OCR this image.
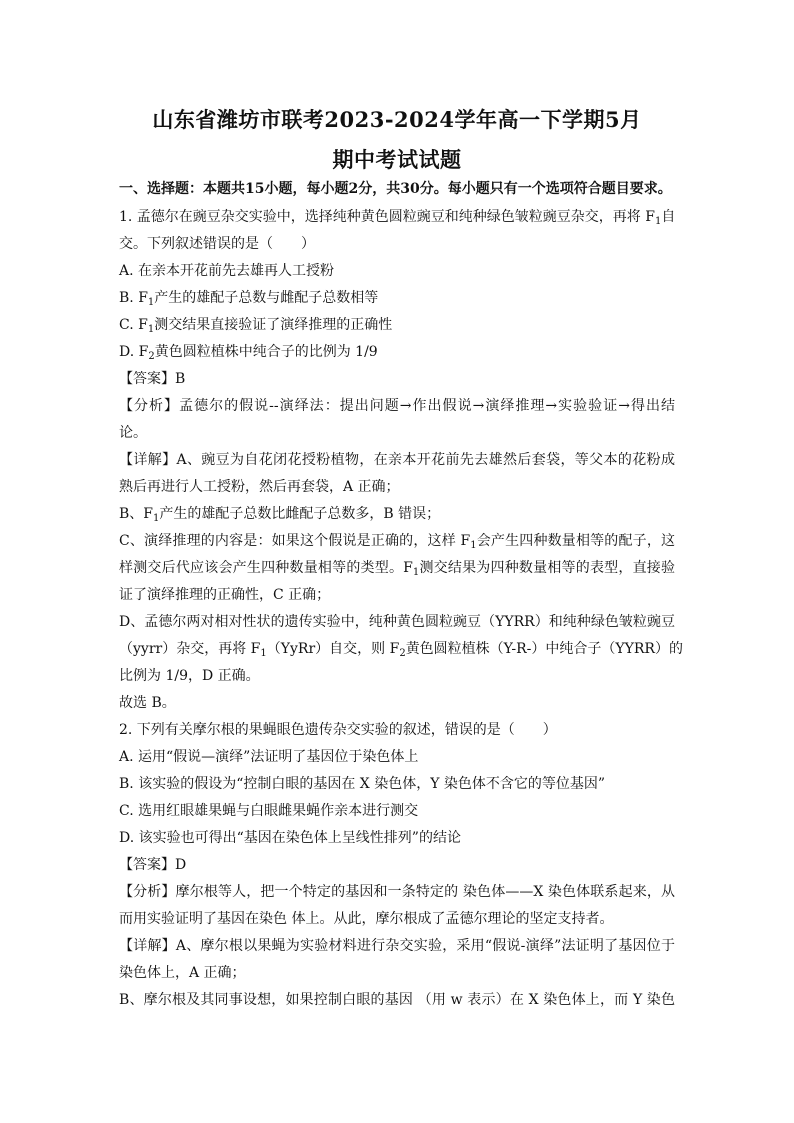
山东省潍坊市联考2023-2024学年高一下学期5月
期中考试试题
一、选择题：本题共15小题，每小题2分，共30分。每小题只有一个选项符合题目要求。
1. 孟德尔在豌豆杂交实验中，选择纯种黄色圆粒豌豆和纯种绿色皱粒豌豆杂交，再将 $F_1$自
交。下列叙述错误的是（　　）
A. 在亲本开花前先去雄再人工授粉
B. $F_1$产生的雄配子总数与雌配子总数相等
C. $F_1$测交结果直接验证了演绎推理的正确性
D. $F_2$黄色圆粒植株中纯合子的比例为 1/9
【答案】B
【分析】孟德尔的假说--演绎法：提出问题→作出假说→演绎推理→实验验证→得出结
论。
【详解】A、豌豆为自花闭花授粉植物，在亲本开花前先去雄然后套袋，等父本的花粉成
熟后再进行人工授粉，然后再套袋，A 正确；
B、$F_1$产生的雄配子总数比雌配子总数多，B 错误；
C、演绎推理的内容是：如果这个假说是正确的，这样 $F_1$会产生四种数量相等的配子，这
样测交后代应该会产生四种数量相等的类型。$F_1$测交结果为四种数量相等的表型，直接验
证了演绎推理的正确性，C 正确；
D、孟德尔两对相对性状的遗传实验中，纯种黄色圆粒豌豆（YYRR）和纯种绿色皱粒豌豆
（yyrr）杂交，再将 $F_1(YyRr)$自交，则 $F_2$黄色圆粒植株（Y-R-）中纯合子（YYRR）的
比例为 1/9，D 正确。
故选 B。
2. 下列有关摩尔根的果蝇眼色遗传杂交实验的叙述，错误的是（　　）
A. 运用“假说—演绎”法证明了基因位于染色体上
B. 该实验的假设为“控制白眼的基因在 X 染色体，Y 染色体不含它的等位基因”
C. 选用红眼雄果蝇与白眼雌果蝇作亲本进行测交
D. 该实验也可得出“基因在染色体上呈线性排列”的结论
【答案】D
【分析】摩尔根等人，把一个特定的基因和一条特定的 染色体——X 染色体联系起来，从
而用实验证明了基因在染色 体上。从此，摩尔根成了孟德尔理论的坚定支持者。
【详解】A、摩尔根以果蝇为实验材料进行杂交实验，采用“假说-演绎”法证明了基因位于
染色体上，A 正确；
B、摩尔根及其同事设想，如果控制白眼的基因 （用 w 表示）在 X 染色体上，而 Y 染色
